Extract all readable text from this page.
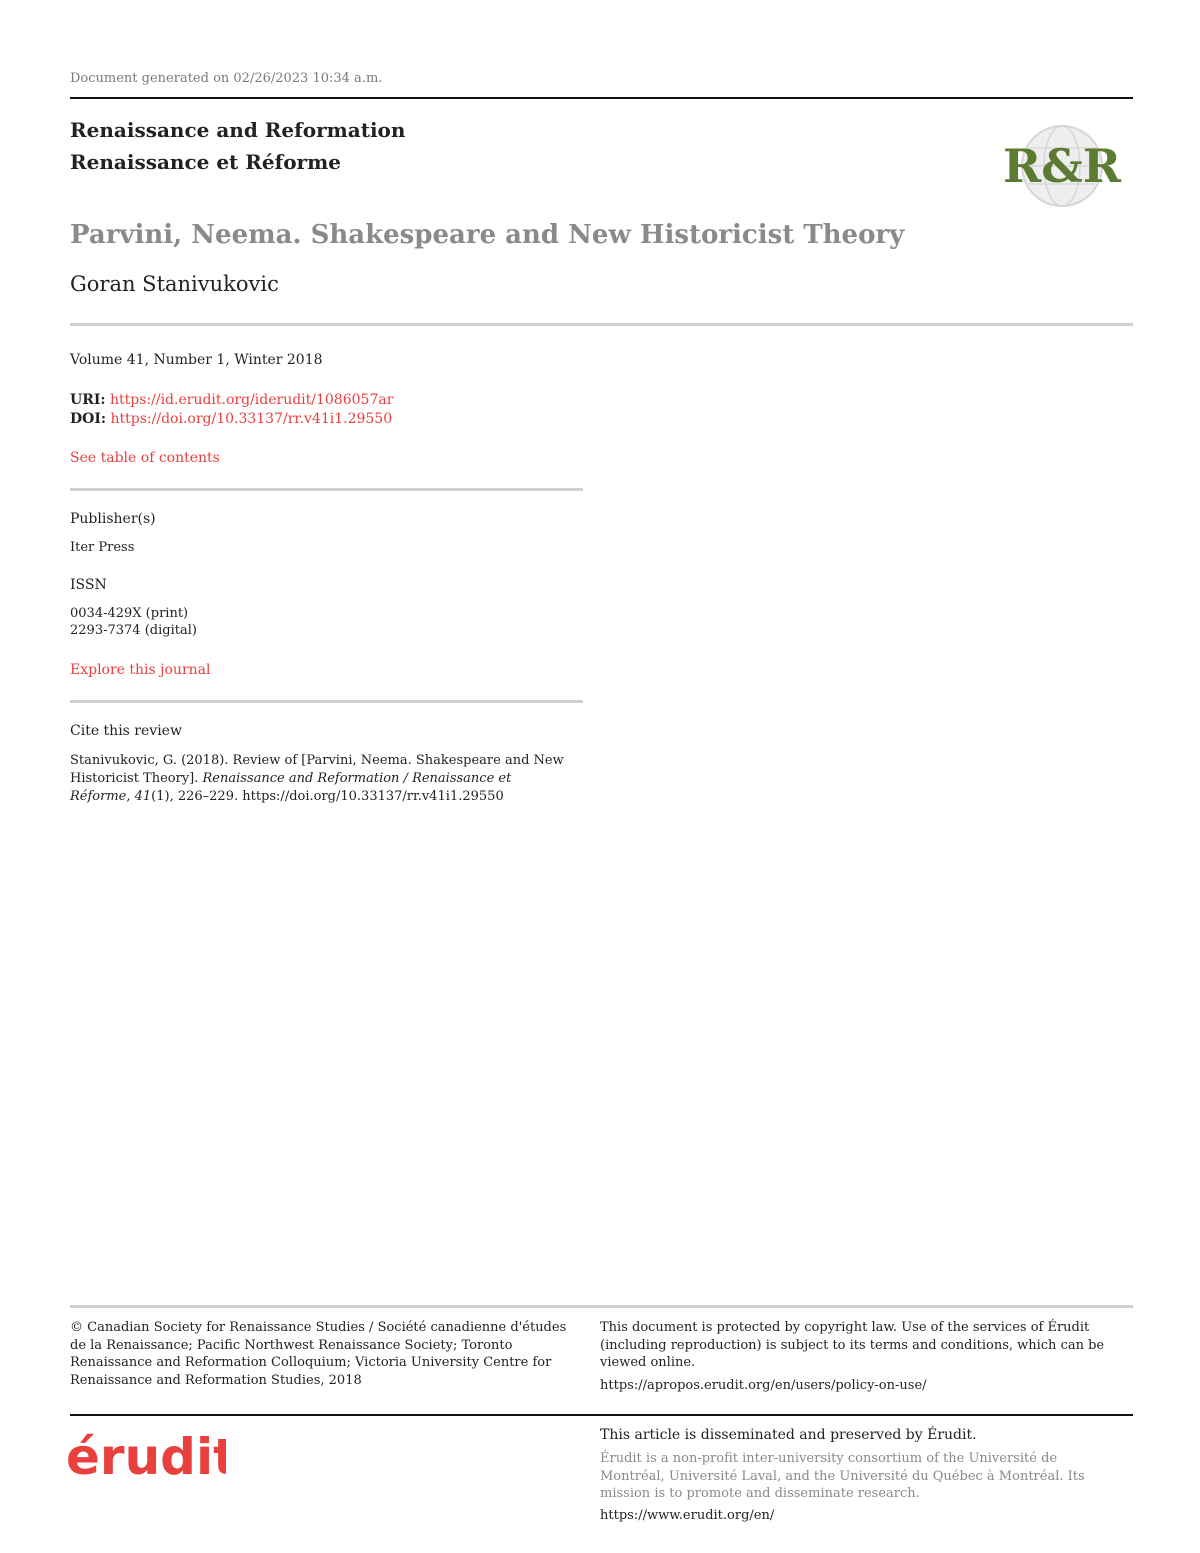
Document generated on 02/26/2023 10:34 a.m.
Renaissance and Reformation
Renaissance et Réforme	R&R
Parvini, Neema. Shakespeare and New Historicist Theory
Goran Stanivukovic
Volume 41, Number 1, Winter 2018
URI: https://id.erudit.org/iderudit/1086057ar
DOI: https://doi.org/10.33137/rr.v41i1.29550
See table of contents
Publisher(s)
Iter Press
ISSN
0034-429X (print)
2293-7374 (digital)
Explore this journal
Cite this review
Stanivukovic, G. (2018). Review of [Parvini, Neema. Shakespeare and New Historicist Theory]. Renaissance and Reformation / Renaissance et Réforme, 41(1), 226–229. https://doi.org/10.33137/rr.v41i1.29550
© Canadian Society for Renaissance Studies / Société canadienne d'études de la Renaissance; Pacific Northwest Renaissance Society; Toronto Renaissance and Reformation Colloquium; Victoria University Centre for Renaissance and Reformation Studies, 2018
This document is protected by copyright law. Use of the services of Érudit (including reproduction) is subject to its terms and conditions, which can be viewed online.
https://apropos.erudit.org/en/users/policy-on-use/
érudit	This article is disseminated and preserved by Érudit.
Érudit is a non-profit inter-university consortium of the Université de Montréal, Université Laval, and the Université du Québec à Montréal. Its mission is to promote and disseminate research.
https://www.erudit.org/en/
